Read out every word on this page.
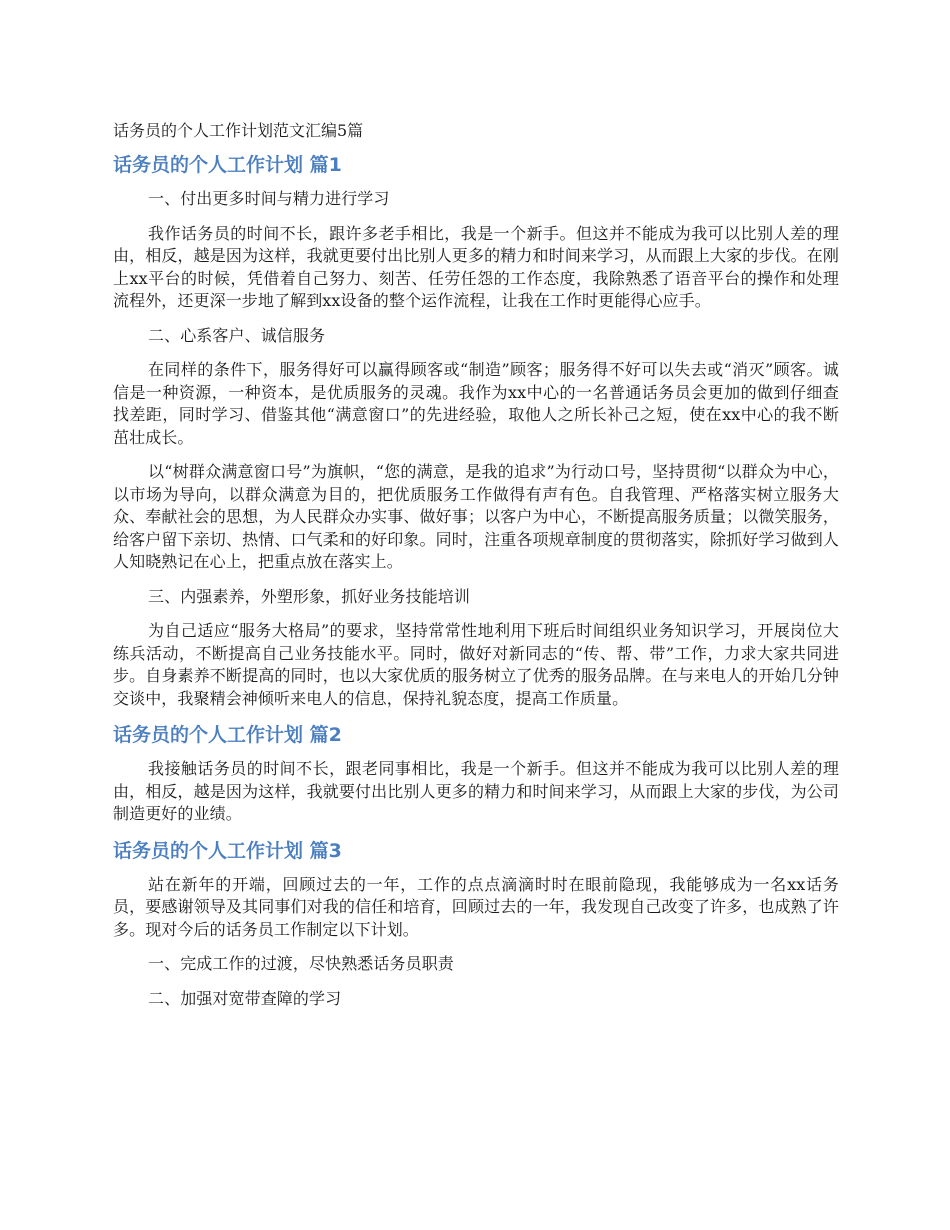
话务员的个人工作计划范文汇编5篇
话务员的个人工作计划 篇1
一、付出更多时间与精力进行学习
我作话务员的时间不长，跟许多老手相比，我是一个新手。但这并不能成为我可以比别人差的理由，相反，越是因为这样，我就更要付出比别人更多的精力和时间来学习，从而跟上大家的步伐。在刚上xx平台的时候，凭借着自己努力、刻苦、任劳任怨的工作态度，我除熟悉了语音平台的操作和处理流程外，还更深一步地了解到xx设备的整个运作流程，让我在工作时更能得心应手。
二、心系客户、诚信服务
在同样的条件下，服务得好可以赢得顾客或“制造”顾客；服务得不好可以失去或“消灭”顾客。诚信是一种资源，一种资本，是优质服务的灵魂。我作为xx中心的一名普通话务员会更加的做到仔细查找差距，同时学习、借鉴其他“满意窗口”的先进经验，取他人之所长补己之短，使在xx中心的我不断茁壮成长。
以“树群众满意窗口号”为旗帜，“您的满意，是我的追求”为行动口号，坚持贯彻“以群众为中心，以市场为导向，以群众满意为目的，把优质服务工作做得有声有色。自我管理、严格落实树立服务大众、奉献社会的思想，为人民群众办实事、做好事；以客户为中心，不断提高服务质量；以微笑服务，给客户留下亲切、热情、口气柔和的好印象。同时，注重各项规章制度的贯彻落实，除抓好学习做到人人知晓熟记在心上，把重点放在落实上。
三、内强素养，外塑形象，抓好业务技能培训
为自己适应“服务大格局”的要求，坚持常常性地利用下班后时间组织业务知识学习，开展岗位大练兵活动，不断提高自己业务技能水平。同时，做好对新同志的“传、帮、带”工作，力求大家共同进步。自身素养不断提高的同时，也以大家优质的服务树立了优秀的服务品牌。在与来电人的开始几分钟交谈中，我聚精会神倾听来电人的信息，保持礼貌态度，提高工作质量。
话务员的个人工作计划 篇2
我接触话务员的时间不长，跟老同事相比，我是一个新手。但这并不能成为我可以比别人差的理由，相反，越是因为这样，我就要付出比别人更多的精力和时间来学习，从而跟上大家的步伐，为公司制造更好的业绩。
话务员的个人工作计划 篇3
站在新年的开端，回顾过去的一年，工作的点点滴滴时时在眼前隐现，我能够成为一名xx话务员，要感谢领导及其同事们对我的信任和培育，回顾过去的一年，我发现自己改变了许多，也成熟了许多。现对今后的话务员工作制定以下计划。
一、完成工作的过渡，尽快熟悉话务员职责
二、加强对宽带查障的学习
